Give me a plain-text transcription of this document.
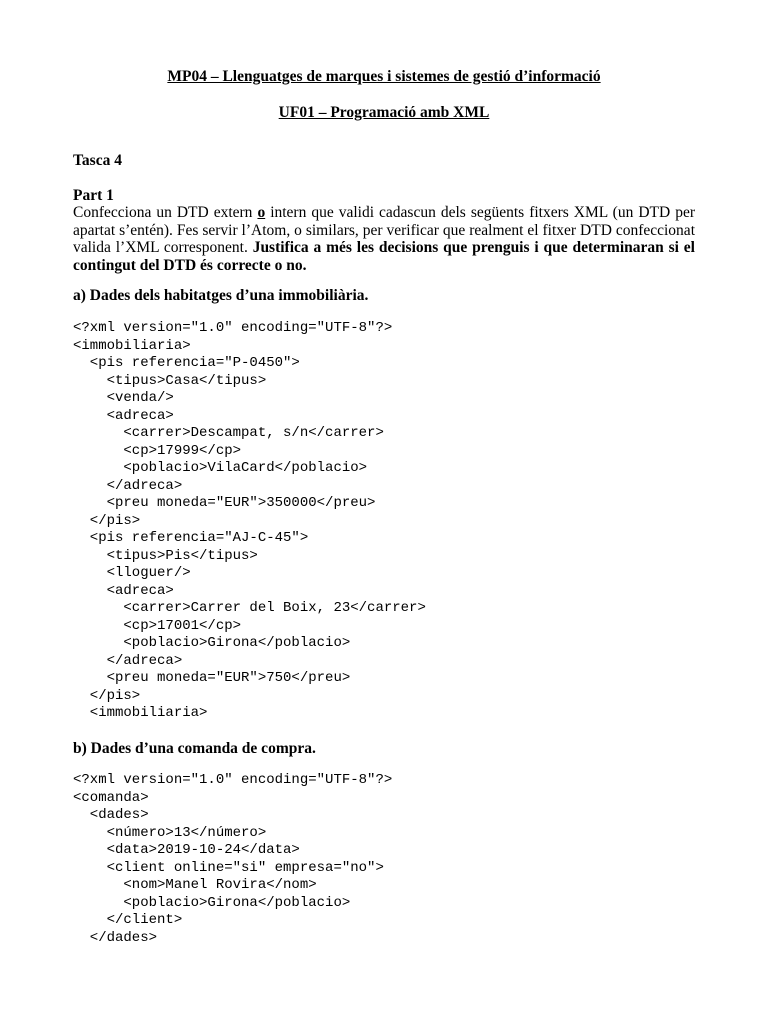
MP04 – Llenguatges de marques i sistemes de gestió d’informació
UF01 – Programació amb XML
Tasca 4
Part 1
Confecciona un DTD extern o intern que validi cadascun dels següents fitxers XML (un DTD per apartat s’entén). Fes servir l’Atom, o similars, per verificar que realment el fitxer DTD confeccionat valida l’XML corresponent. Justifica a més les decisions que prenguis i que determinaran si el contingut del DTD és correcte o no.
a) Dades dels habitatges d’una immobiliària.
<?xml version="1.0" encoding="UTF-8"?>
<immobiliaria>
<pis referencia="P-0450">
<tipus>Casa</tipus>
<venda/>
<adreca>
<carrer>Descampat, s/n</carrer>
<cp>17999</cp>
<poblacio>VilaCard</poblacio>
</adreca>
<preu moneda="EUR">350000</preu>
</pis>
<pis referencia="AJ-C-45">
<tipus>Pis</tipus>
<lloguer/>
<adreca>
<carrer>Carrer del Boix, 23</carrer>
<cp>17001</cp>
<poblacio>Girona</poblacio>
</adreca>
<preu moneda="EUR">750</preu>
</pis>
<immobiliaria>
b) Dades d’una comanda de compra.
<?xml version="1.0" encoding="UTF-8"?>
<comanda>
<dades>
<número>13</número>
<data>2019-10-24</data>
<client online="si" empresa="no">
<nom>Manel Rovira</nom>
<poblacio>Girona</poblacio>
</client>
</dades>
